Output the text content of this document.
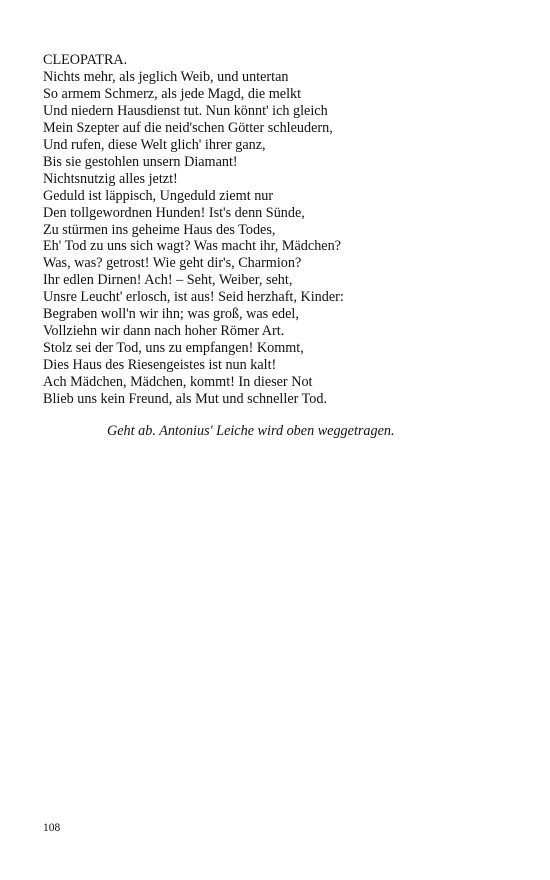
CLEOPATRA.

Nichts mehr, als jeglich Weib, und untertan

So armem Schmerz, als jede Magd, die melkt

Und niedern Hausdienst tut. Nun könnt' ich gleich

Mein Szepter auf die neid'schen Götter schleudern,

Und rufen, diese Welt glich' ihrer ganz,

Bis sie gestohlen unsern Diamant!

Nichtsnutzig alles jetzt!

Geduld ist läppisch, Ungeduld ziemt nur

Den tollgewordnen Hunden! Ist's denn Sünde,

Zu stürmen ins geheime Haus des Todes,

Eh' Tod zu uns sich wagt? Was macht ihr, Mädchen?

Was, was? getrost! Wie geht dir's, Charmion?

Ihr edlen Dirnen! Ach! – Seht, Weiber, seht,

Unsre Leucht' erlosch, ist aus! Seid herzhaft, Kinder:

Begraben woll'n wir ihn; was groß, was edel,

Vollziehn wir dann nach hoher Römer Art.

Stolz sei der Tod, uns zu empfangen! Kommt,

Dies Haus des Riesengeistes ist nun kalt!

Ach Mädchen, Mädchen, kommt! In dieser Not

Blieb uns kein Freund, als Mut und schneller Tod.

Geht ab. Antonius' Leiche wird oben weggetragen.

108
